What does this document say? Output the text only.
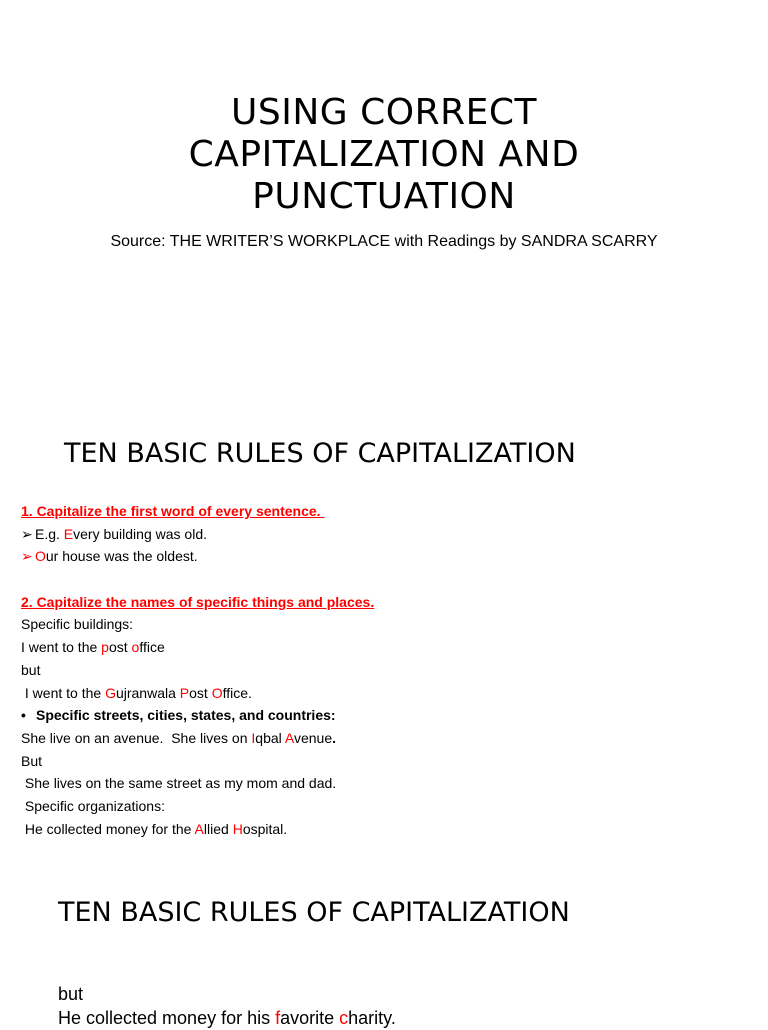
USING CORRECT
CAPITALIZATION AND
PUNCTUATION

Source: THE WRITER’S WORKPLACE with Readings by SANDRA SCARRY

TEN BASIC RULES OF CAPITALIZATION
1. Capitalize the first word of every sentence.
➢ E.g. Every building was old.
➢ Our house was the oldest.
2. Capitalize the names of specific things and places.
Specific buildings:
I went to the post office
but
I went to the Gujranwala Post Office.
• Specific streets, cities, states, and countries:
She live on an avenue.  She lives on Iqbal Avenue.
But
She lives on the same street as my mom and dad.
Specific organizations:
He collected money for the Allied Hospital.
TEN BASIC RULES OF CAPITALIZATION
but
He collected money for his favorite charity.
